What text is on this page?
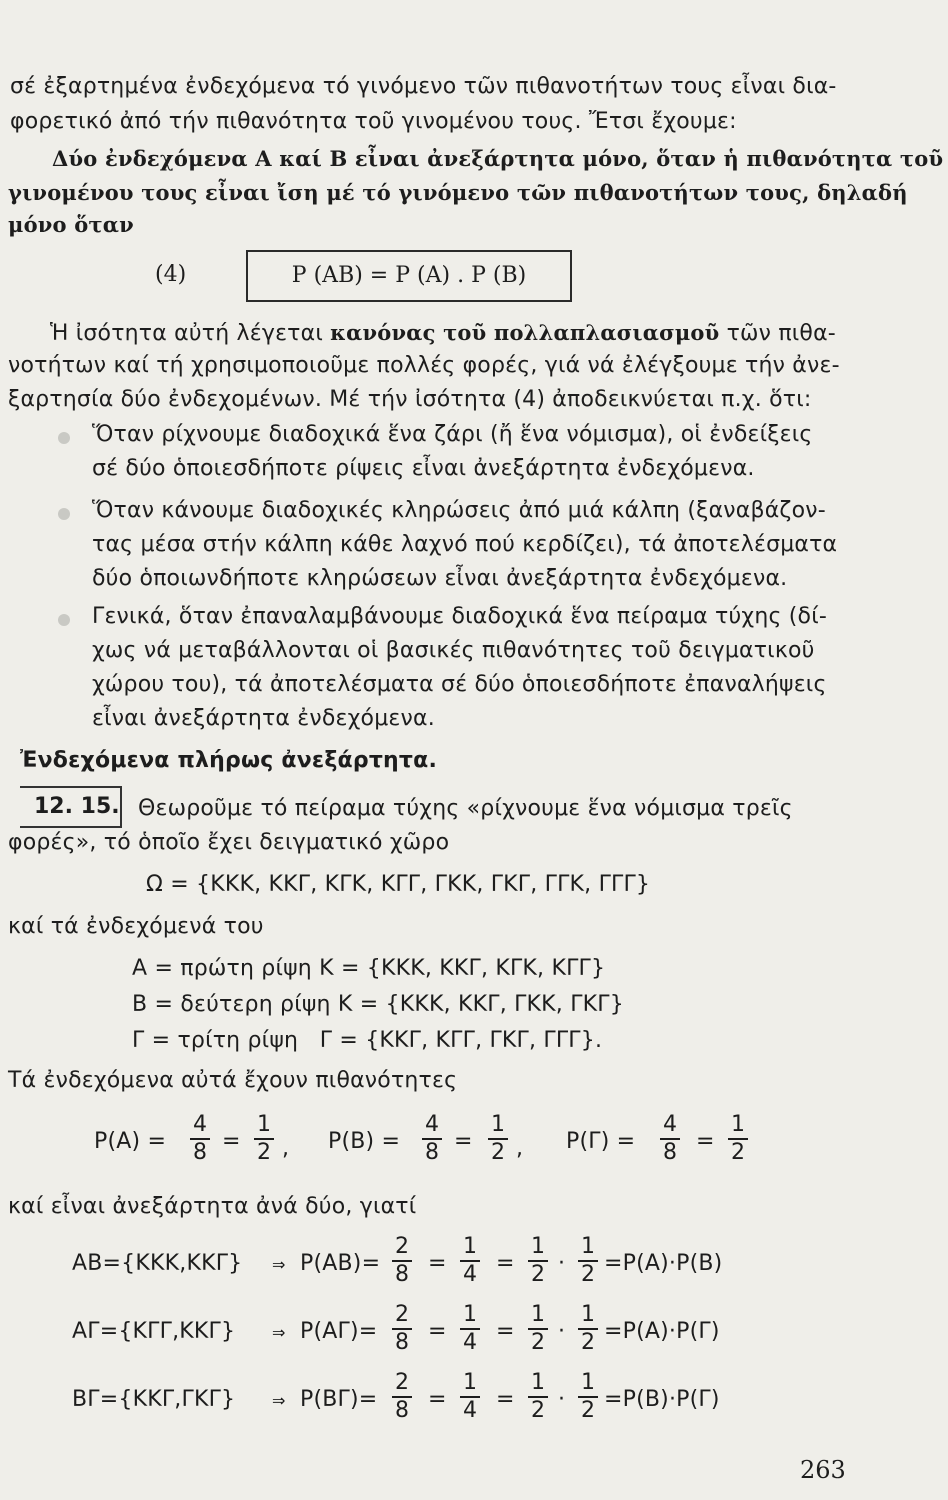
σέ ἐξαρτημένα ἐνδεχόμενα τό γινόμενο τῶν πιθανοτήτων τους εἶναι δια-
φορετικό ἀπό τήν πιθανότητα τοῦ γινομένου τους. Ἔτσι ἔχουμε:
Δύο ἐνδεχόμενα Α καί Β εἶναι ἀνεξάρτητα μόνο, ὅταν ἡ πιθανότητα τοῦ
γινομένου τους εἶναι ἴση μέ τό γινόμενο τῶν πιθανοτήτων τους, δηλαδή
μόνο ὅταν
(4)	P (AB) = P (A) . P (B)
Ἡ ἰσότητα αὐτή λέγεται κανόνας τοῦ πολλαπλασιασμοῦ τῶν πιθα-
νοτήτων καί τή χρησιμοποιοῦμε πολλές φορές, γιά νά ἐλέγξουμε τήν ἀνε-
ξαρτησία δύο ἐνδεχομένων. Μέ τήν ἰσότητα (4) ἀποδεικνύεται π.χ. ὅτι:
Ὅταν ρίχνουμε διαδοχικά ἕνα ζάρι (ἤ ἕνα νόμισμα), οἱ ἐνδείξεις
σέ δύο ὁποιεσδήποτε ρίψεις εἶναι ἀνεξάρτητα ἐνδεχόμενα.
Ὅταν κάνουμε διαδοχικές κληρώσεις ἀπό μιά κάλπη (ξαναβάζον-
τας μέσα στήν κάλπη κάθε λαχνό πού κερδίζει), τά ἀποτελέσματα
δύο ὁποιωνδήποτε κληρώσεων εἶναι ἀνεξάρτητα ἐνδεχόμενα.
Γενικά, ὅταν ἐπαναλαμβάνουμε διαδοχικά ἕνα πείραμα τύχης (δί-
χως νά μεταβάλλονται οἱ βασικές πιθανότητες τοῦ δειγματικοῦ
χώρου του), τά ἀποτελέσματα σέ δύο ὁποιεσδήποτε ἐπαναλήψεις
εἶναι ἀνεξάρτητα ἐνδεχόμενα.
Ἐνδεχόμενα πλήρως ἀνεξάρτητα.
12. 15. Θεωροῦμε τό πείραμα τύχης «ρίχνουμε ἕνα νόμισμα τρεῖς
φορές», τό ὁποῖο ἔχει δειγματικό χῶρο
Ω = {ΚΚΚ, ΚΚΓ, ΚΓΚ, ΚΓΓ, ΓΚΚ, ΓΚΓ, ΓΓΚ, ΓΓΓ}
καί τά ἐνδεχόμενά του
Α = πρώτη ρίψη Κ = {ΚΚΚ, ΚΚΓ, ΚΓΚ, ΚΓΓ}
Β = δεύτερη ρίψη Κ = {ΚΚΚ, ΚΚΓ, ΓΚΚ, ΓΚΓ}
Γ = τρίτη ρίψη   Γ = {ΚΚΓ, ΚΓΓ, ΓΚΓ, ΓΓΓ}.
Τά ἐνδεχόμενα αὐτά ἔχουν πιθανότητες
$P(A) = \frac{4}{8} = \frac{1}{2}$ , $P(B) = \frac{4}{8} = \frac{1}{2}$ , $P(\Gamma) = \frac{4}{8} = \frac{1}{2}$
καί εἶναι ἀνεξάρτητα ἀνά δύο, γιατί
ΑΒ={ΚΚΚ,ΚΚΓ} ⇒ $P(AB)= \frac{2}{8} = \frac{1}{4} = \frac{1}{2} \cdot \frac{1}{2} =P(A)\cdot P(B)$
ΑΓ={ΚΓΓ,ΚΚΓ} ⇒ $P(A\Gamma)= \frac{2}{8} = \frac{1}{4} = \frac{1}{2} \cdot \frac{1}{2} =P(A)\cdot P(\Gamma)$
ΒΓ={ΚΚΓ,ΓΚΓ} ⇒ $P(B\Gamma)= \frac{2}{8} = \frac{1}{4} = \frac{1}{2} \cdot \frac{1}{2} =P(B)\cdot P(\Gamma)$
263
